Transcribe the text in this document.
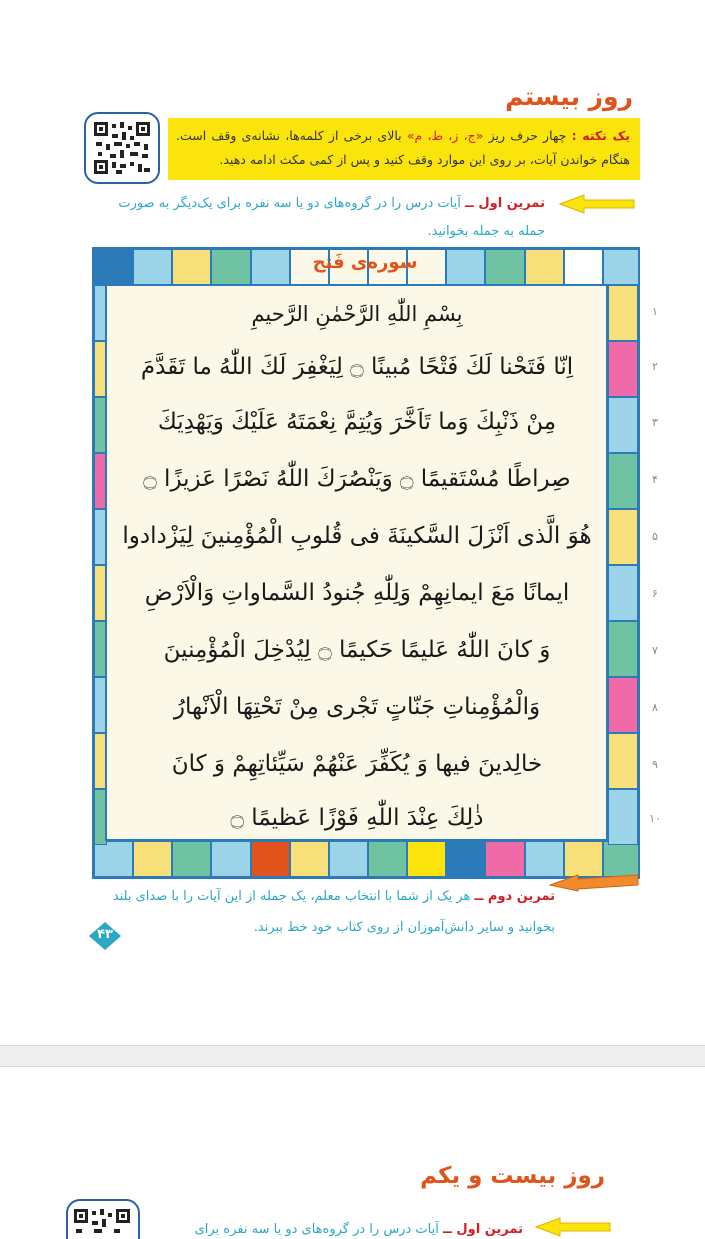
روز بیستم
یک نکته : چهار حرف ریز «ج، ز، ط، م» بالای برخی از کلمه‌ها، نشانه‌ی وقف است. هنگام خواندن آیات، بر روی این موارد وقف کنید و پس از کمی مکث ادامه دهید.
تمرین اول ــ آیات درس را در گروه‌های دو یا سه نفره برای یک‌دیگر به صورت
جمله به جمله بخوانید.
سوره‌ی فَتح
بِسْمِ اللّٰهِ الرَّحْمٰنِ الرَّحيمِ
اِنّا فَتَحْنا لَكَ فَتْحًا مُبينًا ۝ لِيَغْفِرَ لَكَ اللّٰهُ ما تَقَدَّمَ
مِنْ ذَنْبِكَ وَما تَاَخَّرَ وَيُتِمَّ نِعْمَتَهُ عَلَيْكَ وَيَهْدِيَكَ
صِراطًا مُسْتَقيمًا ۝ وَيَنْصُرَكَ اللّٰهُ نَصْرًا عَزيزًا ۝
هُوَ الَّذی اَنْزَلَ السَّكينَةَ فی قُلوبِ الْمُؤْمِنينَ لِيَزْدادوا
ايمانًا مَعَ ايمانِهِمْ وَلِلّٰهِ جُنودُ السَّماواتِ وَالْاَرْضِ
وَ كانَ اللّٰهُ عَليمًا حَكيمًا ۝ لِيُدْخِلَ الْمُؤْمِنينَ
وَالْمُؤْمِناتِ جَنّاتٍ تَجْری مِنْ تَحْتِهَا الْاَنْهارُ
خالِدينَ فيها وَ يُكَفِّرَ عَنْهُمْ سَيِّئاتِهِمْ وَ كانَ
ذٰلِكَ عِنْدَ اللّٰهِ فَوْزًا عَظيمًا ۝
۱
۲
۳
۴
۵
۶
۷
۸
۹
۱۰
تمرین دوم ــ هر یک از شما با انتخاب معلم، یک جمله از این آیات را با صدای بلند
بخوانید و سایر دانش‌آموزان از روی کتاب خود خط ببرند.
۴۳
روز بیست و یکم
تمرین اول ــ آیات درس را در گروه‌های دو یا سه نفره برای
